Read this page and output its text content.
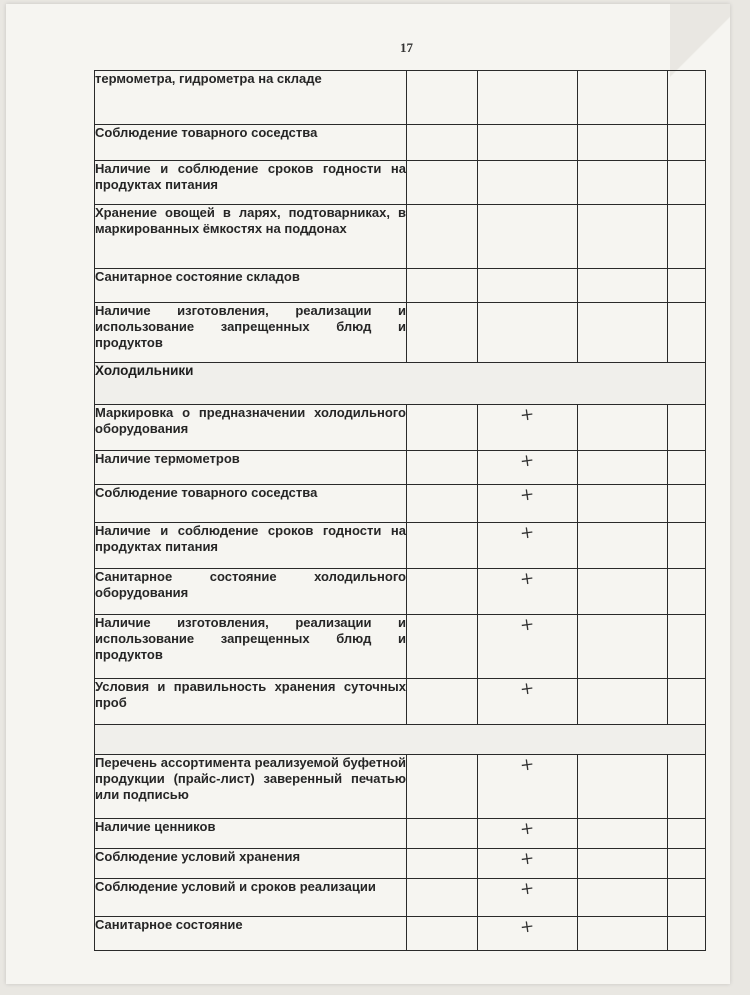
17
термометра, гидрометра на складе				
Соблюдение товарного соседства				
Наличие и соблюдение сроков годности на продуктах питания				
Хранение овощей в ларях, подтоварниках, в маркированных ёмкостях на поддонах				
Санитарное состояние складов				
Наличие изготовления, реализации и использование запрещенных блюд и продуктов				
Холодильники				
Маркировка о предназначении холодильного оборудования		+		
Наличие термометров		+		
Соблюдение товарного соседства		+		
Наличие и соблюдение сроков годности на продуктах питания		+		
Санитарное состояние холодильного оборудования		+		
Наличие изготовления, реализации и использование запрещенных блюд и продуктов		+		
Условия и правильность хранения суточных проб		+		

Перечень ассортимента реализуемой буфетной продукции (прайс-лист) заверенный печатью или подписью		+		
Наличие ценников		+		
Соблюдение условий хранения		+		
Соблюдение условий и сроков реализации		+		
Санитарное состояние		+		
